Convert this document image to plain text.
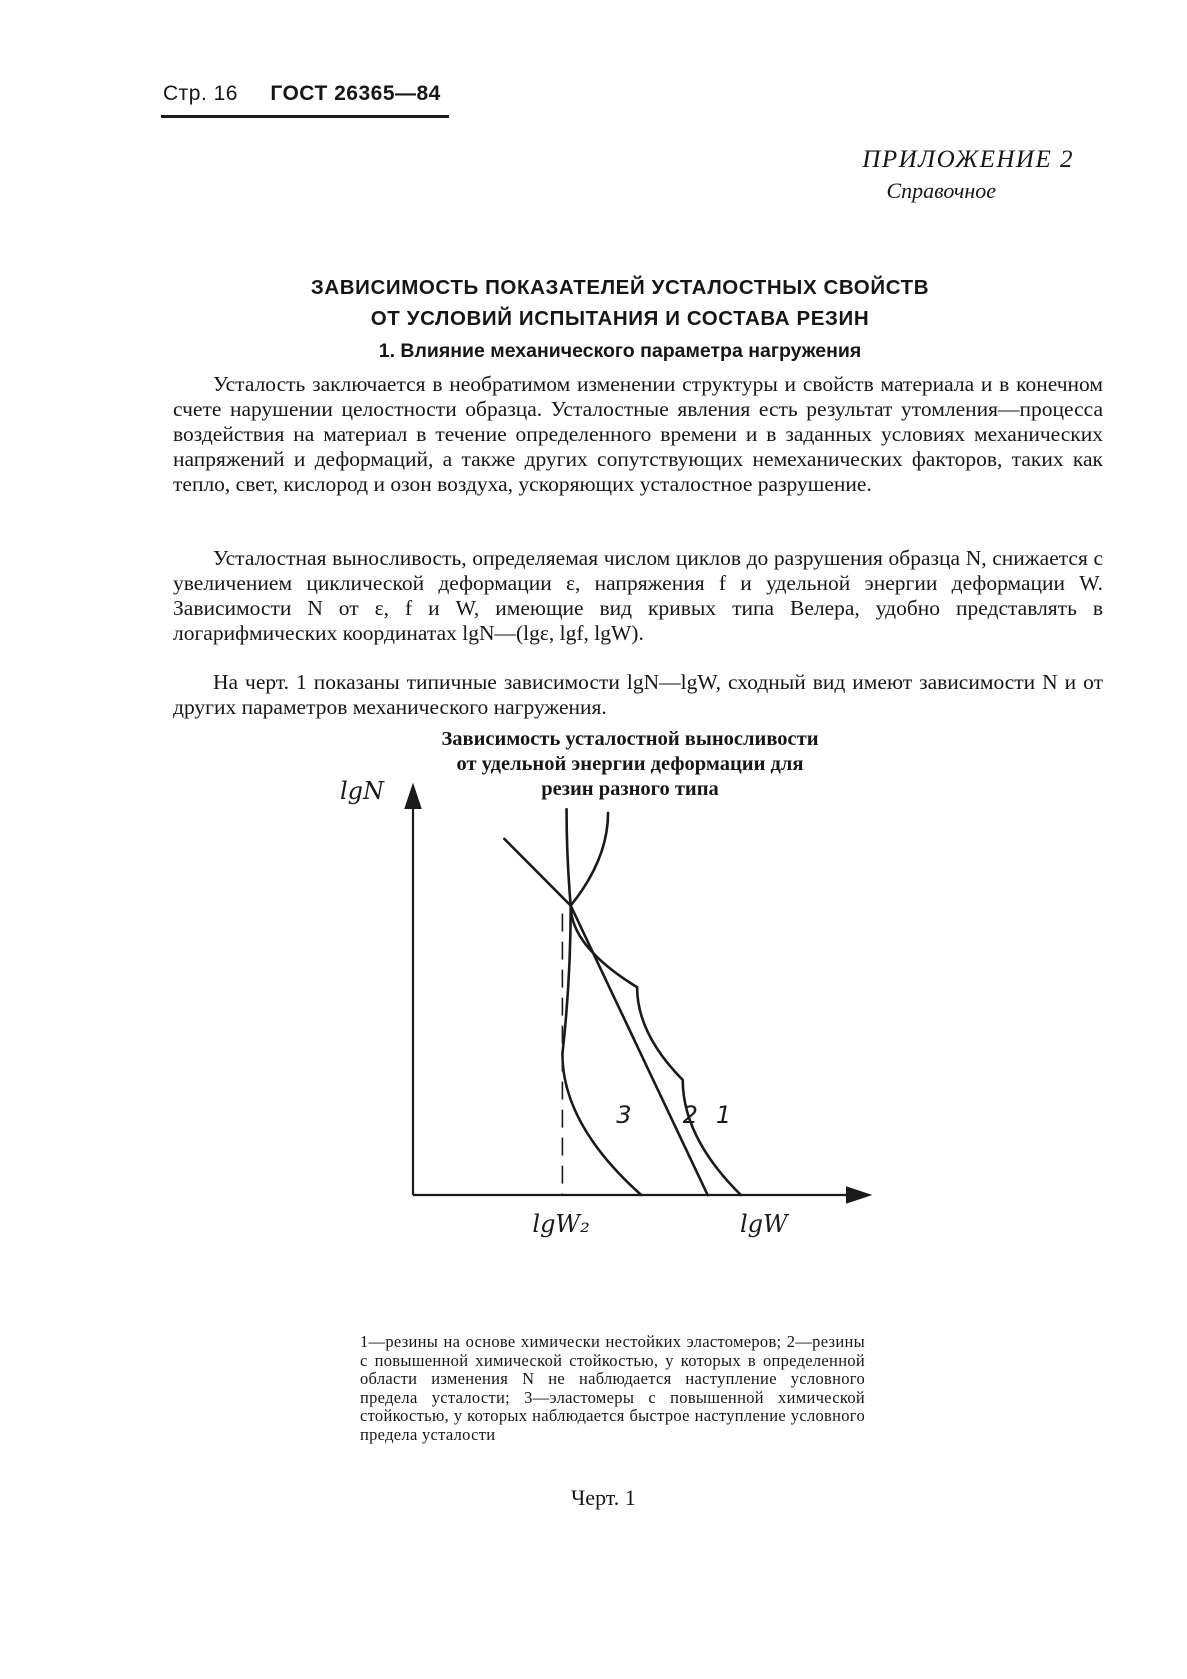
Стр. 16 ГОСТ 26365—84
ПРИЛОЖЕНИЕ 2
Справочное
ЗАВИСИМОСТЬ ПОКАЗАТЕЛЕЙ УСТАЛОСТНЫХ СВОЙСТВ
ОТ УСЛОВИЙ ИСПЫТАНИЯ И СОСТАВА РЕЗИН
1. Влияние механического параметра нагружения

Усталость заключается в необратимом изменении структуры и свойств материала и в конечном счете нарушении целостности образца. Усталостные явления есть результат утомления—процесса воздействия на материал в течение определенного времени и в заданных условиях механических напряжений и деформаций, а также других сопутствующих немеханических факторов, таких как тепло, свет, кислород и озон воздуха, ускоряющих усталостное разрушение.

Усталостная выносливость, определяемая числом циклов до разрушения образца N, снижается с увеличением циклической деформации ε, напряжения f и удельной энергии деформации W. Зависимости N от ε, f и W, имеющие вид кривых типа Велера, удобно представлять в логарифмических координатах lgN—(lgε, lgf, lgW).

На черт. 1 показаны типичные зависимости lgN—lgW, сходный вид имеют зависимости N и от других параметров механического нагружения.

Зависимость усталостной выносливости
от удельной энергии деформации для
резин разного типа
1
2
3
lgN
lgW
lgW₂
1—резины на основе химически нестойких эластомеров; 2—резины с повышенной химической стойкостью, у которых в определенной области изменения N не наблюдается наступление условного предела усталости; 3—эластомеры с повышенной химической стойкостью, у которых наблюдается быстрое наступление условного предела усталости
Черт. 1
